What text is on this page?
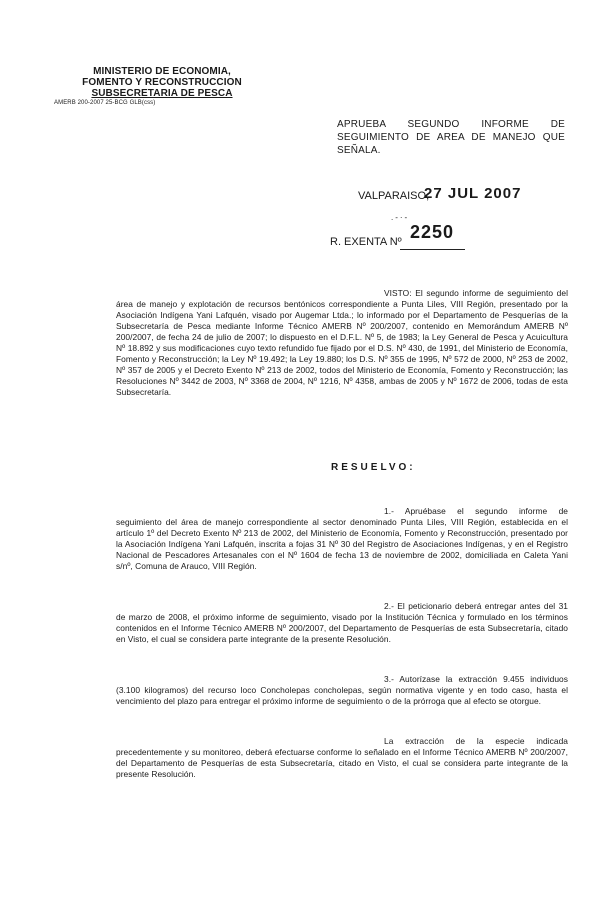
MINISTERIO DE ECONOMIA,
FOMENTO Y RECONSTRUCCION
SUBSECRETARIA DE PESCA
AMERB 200-2007 25-BCG GLB(css)
APRUEBA SEGUNDO INFORME DE SEGUIMIENTO DE AREA DE MANEJO QUE SEÑALA.
VALPARAISO,
27 JUL 2007
.-·-
R. EXENTA Nº 2250

VISTO: El segundo informe de seguimiento del área de manejo y explotación de recursos bentónicos correspondiente a Punta Liles, VIII Región, presentado por la Asociación Indígena Yani Lafquén, visado por Augemar Ltda.; lo informado por el Departamento de Pesquerías de la Subsecretaría de Pesca mediante Informe Técnico AMERB Nº 200/2007, contenido en Memorándum AMERB Nº 200/2007, de fecha 24 de julio de 2007; lo dispuesto en el D.F.L. Nº 5, de 1983; la Ley General de Pesca y Acuicultura Nº 18.892 y sus modificaciones cuyo texto refundido fue fijado por el D.S. Nº 430, de 1991, del Ministerio de Economía, Fomento y Reconstrucción; la Ley Nº 19.492; la Ley 19.880; los D.S. Nº 355 de 1995, Nº 572 de 2000, Nº 253 de 2002, Nº 357 de 2005 y el Decreto Exento Nº 213 de 2002, todos del Ministerio de Economía, Fomento y Reconstrucción; las Resoluciones Nº 3442 de 2003, Nº 3368 de 2004, Nº 1216, Nº 4358, ambas de 2005 y Nº 1672 de 2006, todas de esta Subsecretaría.

RESUELVO:

1.- Apruébase el segundo informe de seguimiento del área de manejo correspondiente al sector denominado Punta Liles, VIII Región, establecida en el artículo 1º del Decreto Exento Nº 213 de 2002, del Ministerio de Economía, Fomento y Reconstrucción, presentado por la Asociación Indígena Yani Lafquén, inscrita a fojas 31 Nº 30 del Registro de Asociaciones Indígenas, y en el Registro Nacional de Pescadores Artesanales con el Nº 1604 de fecha 13 de noviembre de 2002, domiciliada en Caleta Yani s/nº, Comuna de Arauco, VIII Región.

2.- El peticionario deberá entregar antes del 31 de marzo de 2008, el próximo informe de seguimiento, visado por la Institución Técnica y formulado en los términos contenidos en el Informe Técnico AMERB Nº 200/2007, del Departamento de Pesquerías de esta Subsecretaría, citado en Visto, el cual se considera parte integrante de la presente Resolución.

3.- Autorízase la extracción 9.455 individuos (3.100 kilogramos) del recurso loco Concholepas concholepas, según normativa vigente y en todo caso, hasta el vencimiento del plazo para entregar el próximo informe de seguimiento o de la prórroga que al efecto se otorgue.

La extracción de la especie indicada precedentemente y su monitoreo, deberá efectuarse conforme lo señalado en el Informe Técnico AMERB Nº 200/2007, del Departamento de Pesquerías de esta Subsecretaría, citado en Visto, el cual se considera parte integrante de la presente Resolución.
